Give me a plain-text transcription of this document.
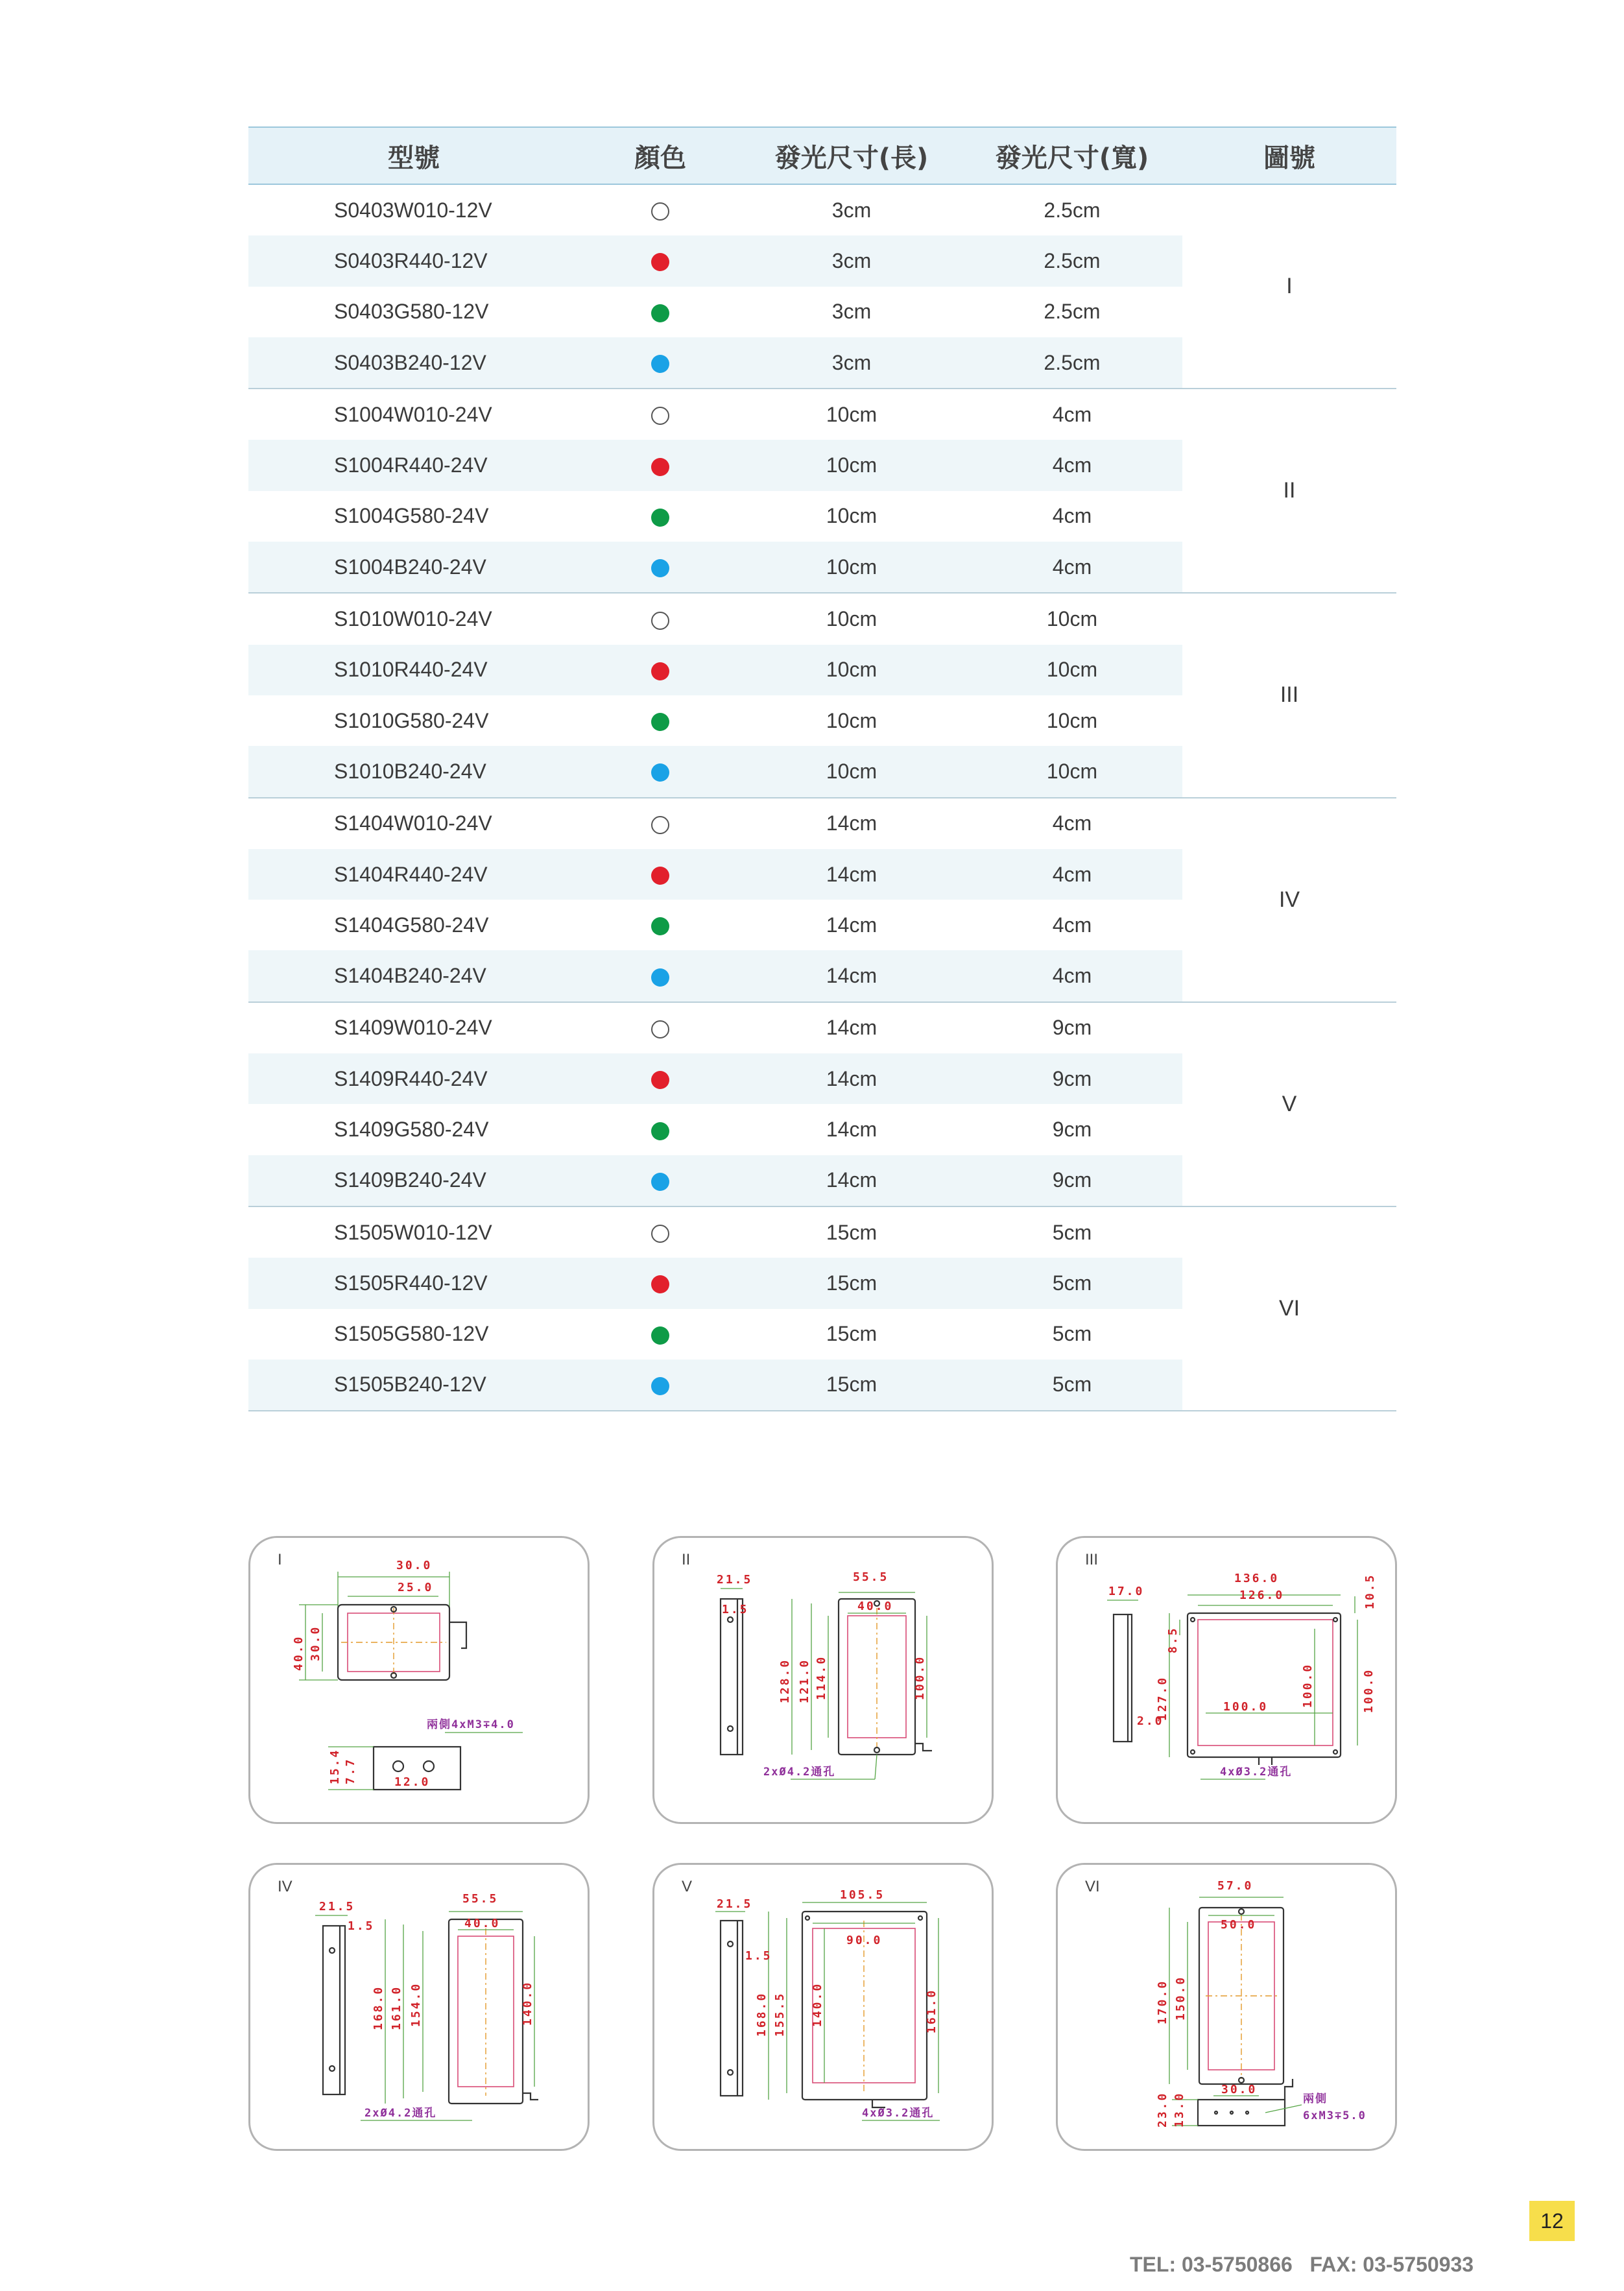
型號	顏色	發光尺寸(長)	發光尺寸(寬)	圖號
S0403W010-12V		3cm	2.5cm	I
S0403R440-12V		3cm	2.5cm	
S0403G580-12V		3cm	2.5cm	
S0403B240-12V		3cm	2.5cm	
S1004W010-24V		10cm	4cm	II
S1004R440-24V		10cm	4cm	
S1004G580-24V		10cm	4cm	
S1004B240-24V		10cm	4cm	
S1010W010-24V		10cm	10cm	III
S1010R440-24V		10cm	10cm	
S1010G580-24V		10cm	10cm	
S1010B240-24V		10cm	10cm	
S1404W010-24V		14cm	4cm	IV
S1404R440-24V		14cm	4cm	
S1404G580-24V		14cm	4cm	
S1404B240-24V		14cm	4cm	
S1409W010-24V		14cm	9cm	V
S1409R440-24V		14cm	9cm	
S1409G580-24V		14cm	9cm	
S1409B240-24V		14cm	9cm	
S1505W010-12V		15cm	5cm	VI
S1505R440-12V		15cm	5cm	
S1505G580-12V		15cm	5cm	
S1505B240-12V		15cm	5cm	
I	30.0
25.0
40.0 30.0
15.4 7.7	12.0
兩側4xM3∓4.0
II
21.5
1.5
55.5
40.0
128.0 121.0 114.0	100.0
2xØ4.2通孔
III
17.0
136.0
126.0	10.5
8.5
127.0	100.0
100.0
2.0
100.0
4xØ3.2通孔
IV
21.5
1.5
55.5
40.0
168.0 161.0 154.0	140.0
2xØ4.2通孔
V
21.5
1.5
105.5
90.0
168.0 155.5 140.0	161.0
4xØ3.2通孔
VI	57.0
50.0
170.0 150.0
30.0
23.0 13.0	兩側
6xM3∓5.0
12
TEL: 03-5750866   FAX: 03-5750933
